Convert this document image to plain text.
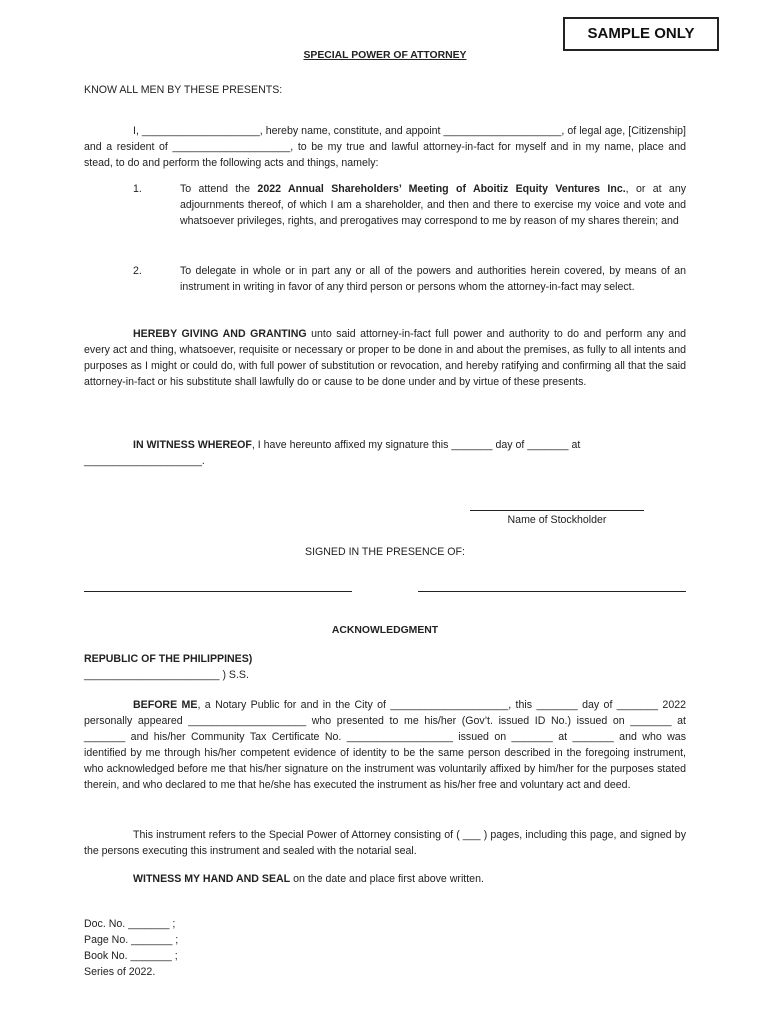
SAMPLE ONLY
SPECIAL POWER OF ATTORNEY
KNOW ALL MEN BY THESE PRESENTS:
I, ____________________, hereby name, constitute, and appoint ____________________, of legal age, [Citizenship] and a resident of ____________________, to be my true and lawful attorney-in-fact for myself and in my name, place and stead, to do and perform the following acts and things, namely:
1.	To attend the 2022 Annual Shareholders’ Meeting of Aboitiz Equity Ventures Inc., or at any adjournments thereof, of which I am a shareholder, and then and there to exercise my voice and vote and whatsoever privileges, rights, and prerogatives may correspond to me by reason of my shares therein; and
2.	To delegate in whole or in part any or all of the powers and authorities herein covered, by means of an instrument in writing in favor of any third person or persons whom the attorney-in-fact may select.
HEREBY GIVING AND GRANTING unto said attorney-in-fact full power and authority to do and perform any and every act and thing, whatsoever, requisite or necessary or proper to be done in and about the premises, as fully to all intents and purposes as I might or could do, with full power of substitution or revocation, and hereby ratifying and confirming all that the said attorney-in-fact or his substitute shall lawfully do or cause to be done under and by virtue of these presents.
IN WITNESS WHEREOF, I have hereunto affixed my signature this _______ day of _______ at ____________________.
Name of Stockholder
SIGNED IN THE PRESENCE OF:
ACKNOWLEDGMENT
REPUBLIC OF THE PHILIPPINES)
_______________________ ) S.S.
BEFORE ME, a Notary Public for and in the City of ____________________, this _______ day of _______ 2022 personally appeared ____________________ who presented to me his/her (Gov’t. issued ID No.) issued on _______ at _______ and his/her Community Tax Certificate No. __________________ issued on _______ at _______ and who was identified by me through his/her competent evidence of identity to be the same person described in the foregoing instrument, who acknowledged before me that his/her signature on the instrument was voluntarily affixed by him/her for the purposes stated therein, and who declared to me that he/she has executed the instrument as his/her free and voluntary act and deed.
This instrument refers to the Special Power of Attorney consisting of ( ___ ) pages, including this page, and signed by the persons executing this instrument and sealed with the notarial seal.
WITNESS MY HAND AND SEAL on the date and place first above written.
Doc. No. _______ ;
Page No. _______ ;
Book No. _______ ;
Series of 2022.
